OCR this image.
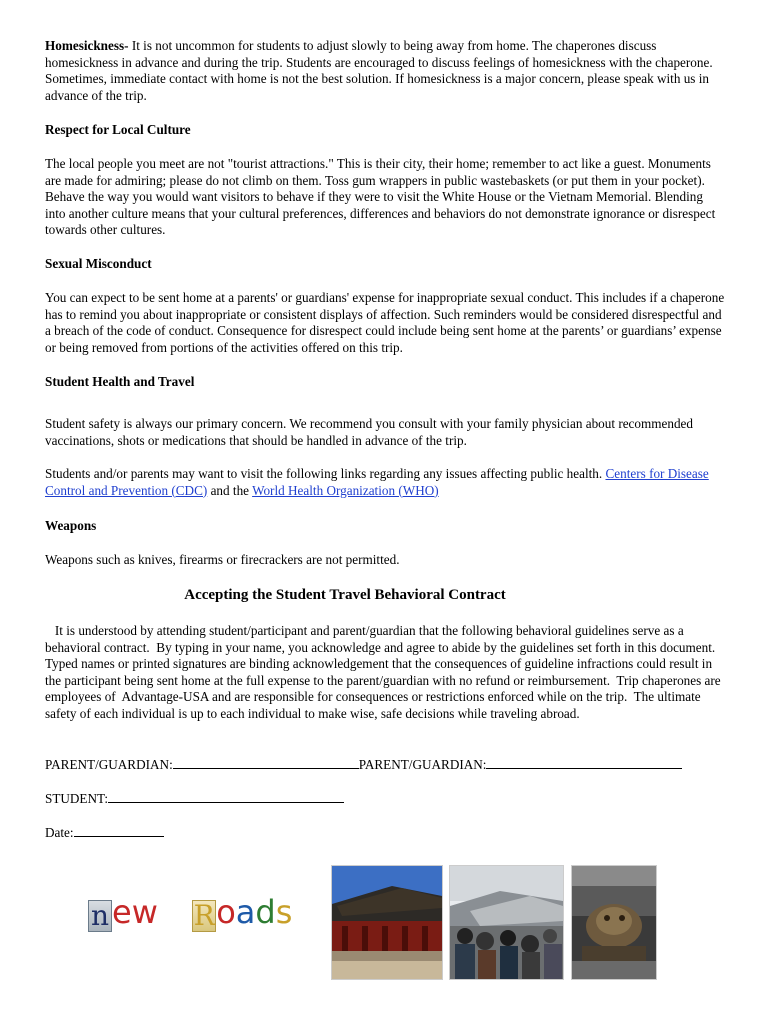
Homesickness- It is not uncommon for students to adjust slowly to being away from home. The chaperones discuss homesickness in advance and during the trip. Students are encouraged to discuss feelings of homesickness with the chaperone. Sometimes, immediate contact with home is not the best solution. If homesickness is a major concern, please speak with us in advance of the trip.

Respect for Local Culture
The local people you meet are not "tourist attractions." This is their city, their home; remember to act like a guest. Monuments are made for admiring; please do not climb on them. Toss gum wrappers in public wastebaskets (or put them in your pocket). Behave the way you would want visitors to behave if they were to visit the White House or the Vietnam Memorial. Blending into another culture means that your cultural preferences, differences and behaviors do not demonstrate ignorance or disrespect towards other cultures.
Sexual Misconduct
You can expect to be sent home at a parents' or guardians' expense for inappropriate sexual conduct. This includes if a chaperone has to remind you about inappropriate or consistent displays of affection. Such reminders would be considered disrespectful and a breach of the code of conduct. Consequence for disrespect could include being sent home at the parents’ or guardians’ expense or being removed from portions of the activities offered on this trip.
Student Health and Travel
Student safety is always our primary concern. We recommend you consult with your family physician about recommended vaccinations, shots or medications that should be handled in advance of the trip.
Students and/or parents may want to visit the following links regarding any issues affecting public health. Centers for Disease Control and Prevention (CDC) and the World Health Organization (WHO)
Weapons
Weapons such as knives, firearms or firecrackers are not permitted.
Accepting the Student Travel Behavioral Contract
It is understood by attending student/participant and parent/guardian that the following behavioral guidelines serve as a behavioral contract.  By typing in your name, you acknowledge and agree to abide by the guidelines set forth in this document.  Typed names or printed signatures are binding acknowledgement that the consequences of guideline infractions could result in the participant being sent home at the full expense to the parent/guardian with no refund or reimbursement.  Trip chaperones are employees of  Advantage-USA and are responsible for consequences or restrictions enforced while on the trip.  The ultimate safety of each individual is up to each individual to make wise, safe decisions while traveling abroad.
PARENT/GUARDIAN:	PARENT/GUARDIAN:
STUDENT:
Date:
new Roads
